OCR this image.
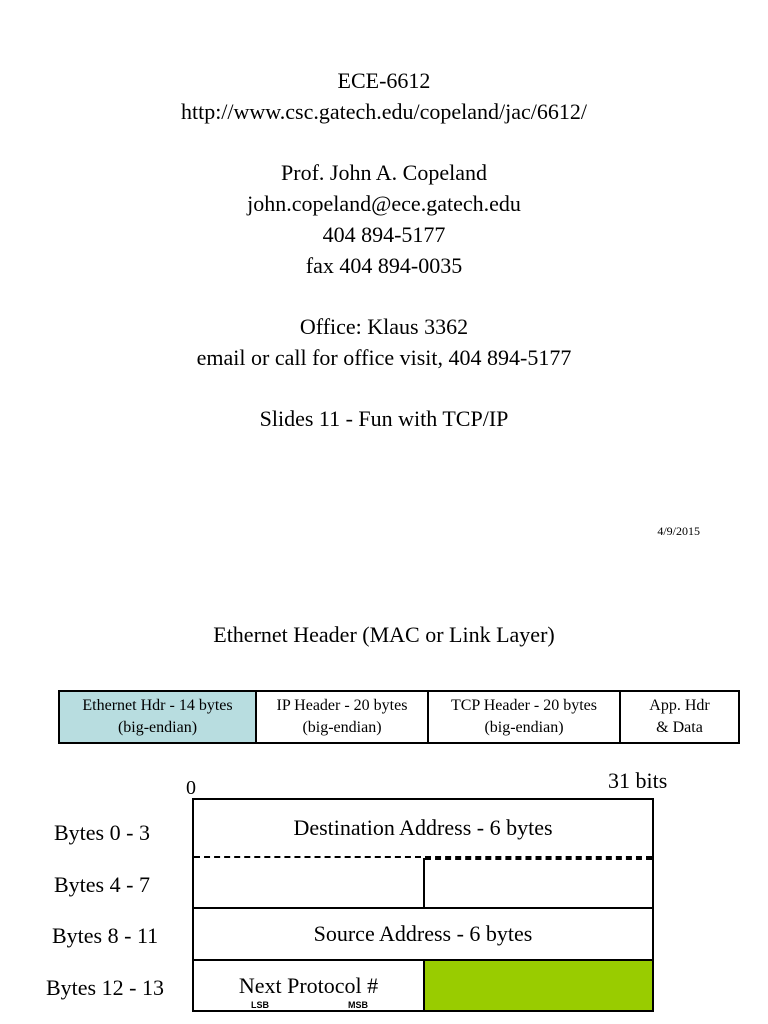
ECE-6612
http://www.csc.gatech.edu/copeland/jac/6612/
Prof. John A. Copeland
john.copeland@ece.gatech.edu
404 894-5177
fax 404 894-0035
Office: Klaus 3362
email or call for office visit, 404 894-5177
Slides 11 - Fun with TCP/IP
4/9/2015
Ethernet Header (MAC or Link Layer)
Ethernet Hdr - 14 bytes
(big-endian)
IP Header - 20 bytes
(big-endian)
TCP Header - 20 bytes
(big-endian)
App. Hdr
& Data
0	31 bits
Bytes 0 - 3
Bytes 4 - 7
Bytes 8 - 11
Bytes 12 - 13
Destination Address - 6 bytes
Source Address - 6 bytes
Next Protocol #
LSB	MSB
